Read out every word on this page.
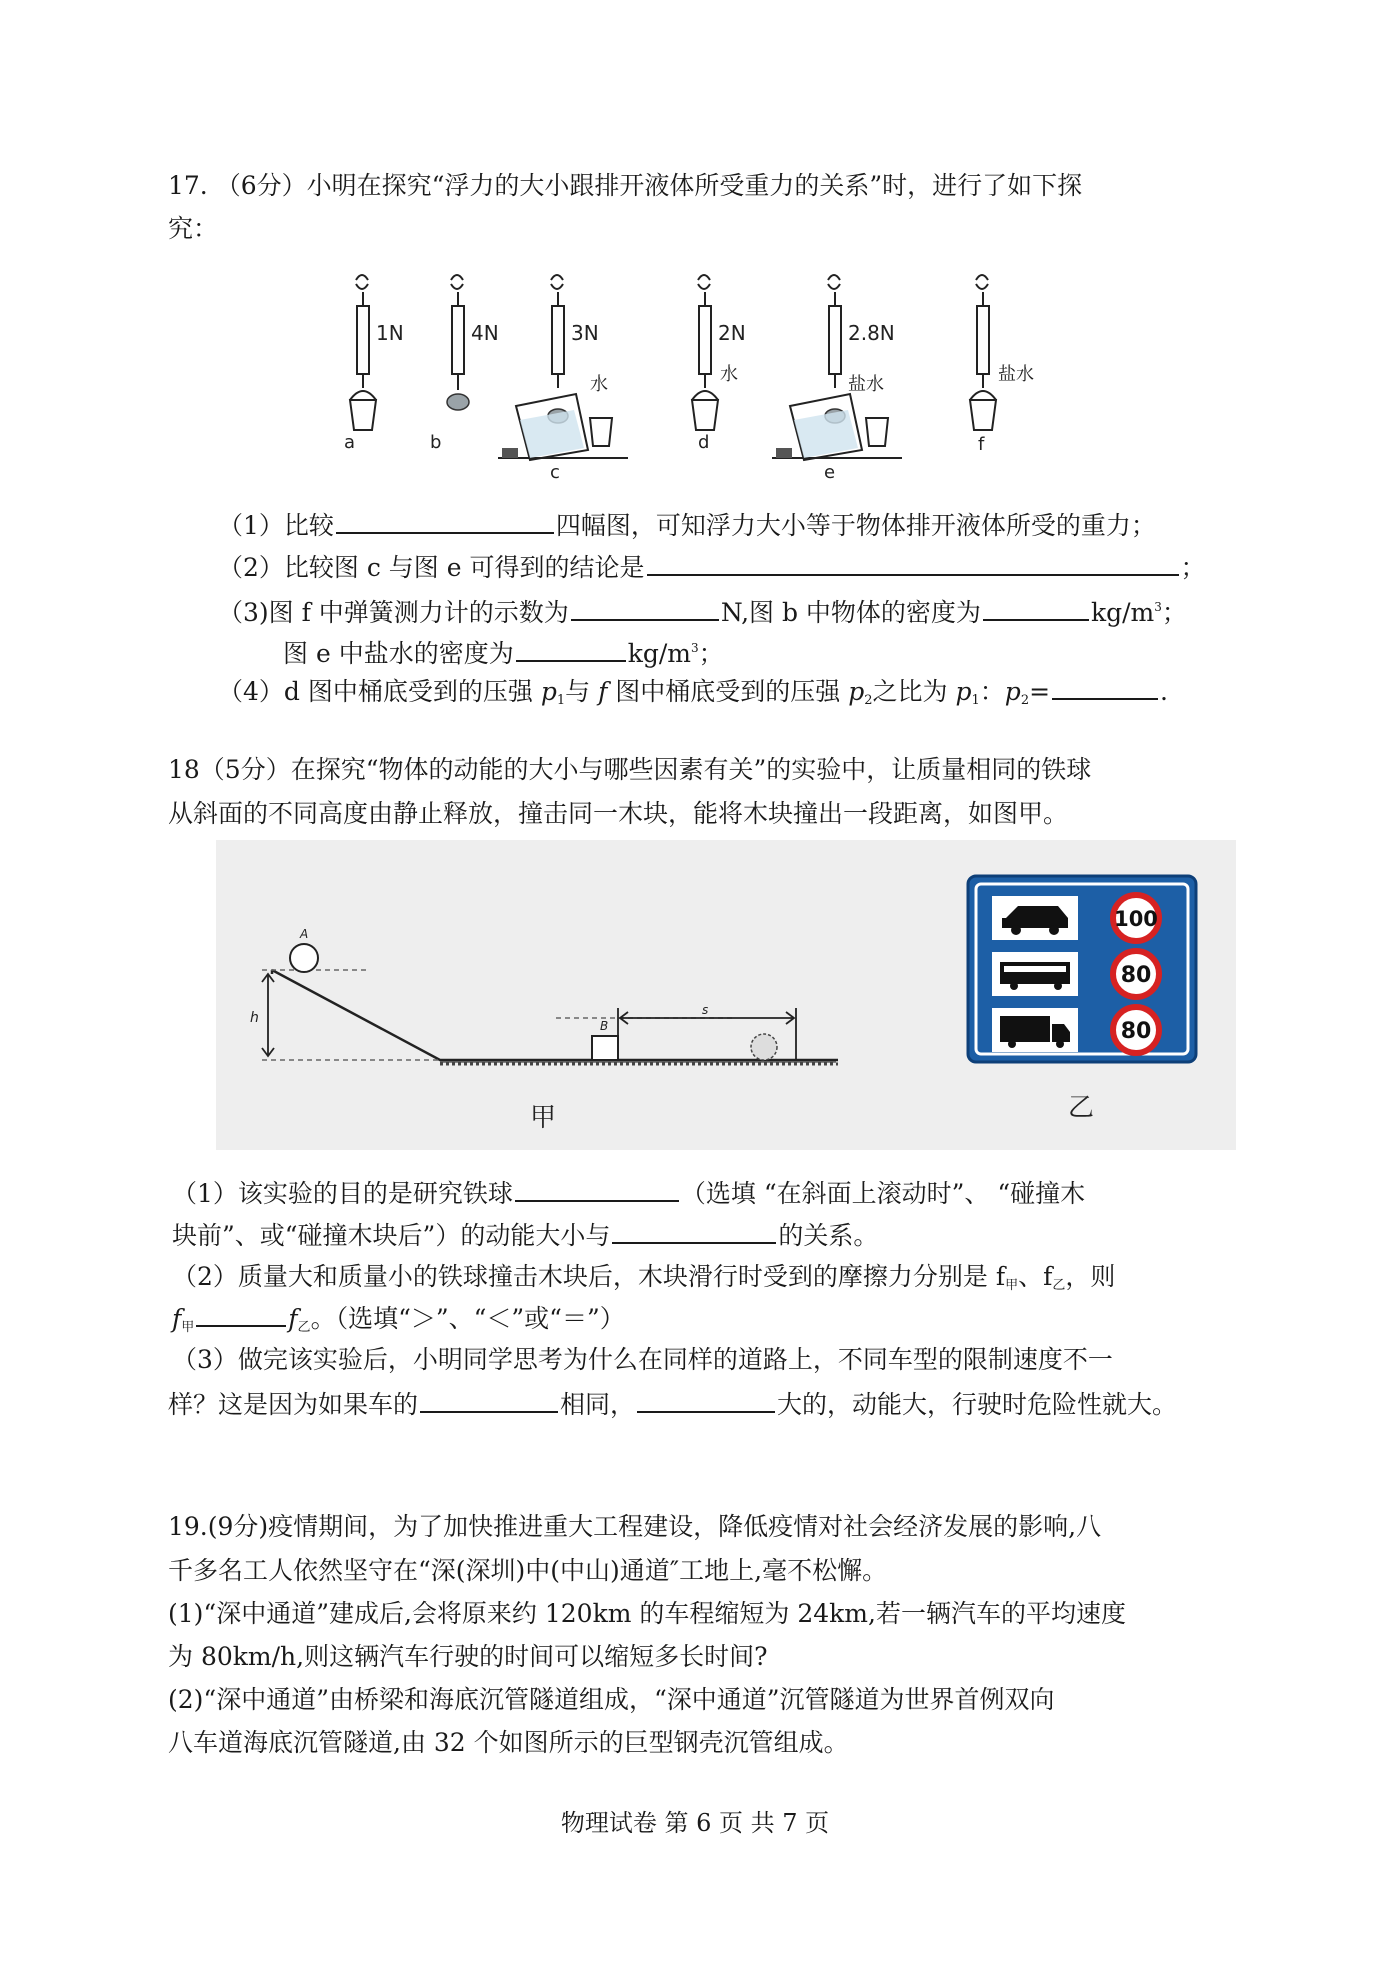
17. （6分）小明在探究“浮力的大小跟排开液体所受重力的关系”时，进行了如下探
究：
1N	4N	3N	2N	2.8N
水	水	盐水	盐水
a	b
c
d
e
f
（1）比较	四幅图，可知浮力大小等于物体排开液体所受的重力；
（2）比较图 c 与图 e 可得到的结论是	；
（3)图 f 中弹簧测力计的示数为	N,图 b 中物体的密度为	$kg/m^3$；
图 e 中盐水的密度为	$kg/m^3$；
（4）d 图中桶底受到的压强 $p_1$与 f 图中桶底受到的压强 $p_2$之比为 $p_1$：$p_2=$	.
18（5分）在探究“物体的动能的大小与哪些因素有关”的实验中，让质量相同的铁球
从斜面的不同高度由静止释放，撞击同一木块，能将木块撞出一段距离，如图甲。
h
A
B
s
甲
100
80
80
乙
（1）该实验的目的是研究铁球	（选填 “在斜面上滚动时”、 “碰撞木
块前”、或“碰撞木块后”）的动能大小与	的关系。
（2）质量大和质量小的铁球撞击木块后，木块滑行时受到的摩擦力分别是 $f_甲$、$f_乙$，则
$f_甲$	$f_乙$。（选填“＞”、“＜”或“＝”）
（3）做完该实验后，小明同学思考为什么在同样的道路上，不同车型的限制速度不一
样？这是因为如果车的	相同，	大的，动能大，行驶时危险性就大。
19.(9分)疫情期间，为了加快推进重大工程建设，降低疫情对社会经济发展的影响,八
千多名工人依然坚守在“深(深圳)中(中山)通道″工地上,毫不松懈。
(1)“深中通道”建成后,会将原来约 120km 的车程缩短为 24km,若一辆汽车的平均速度
为 80km/h,则这辆汽车行驶的时间可以缩短多长时间?
(2)“深中通道”由桥梁和海底沉管隧道组成，“深中通道”沉管隧道为世界首例双向
八车道海底沉管隧道,由 32 个如图所示的巨型钢壳沉管组成。
物理试卷 第 6 页 共 7 页
